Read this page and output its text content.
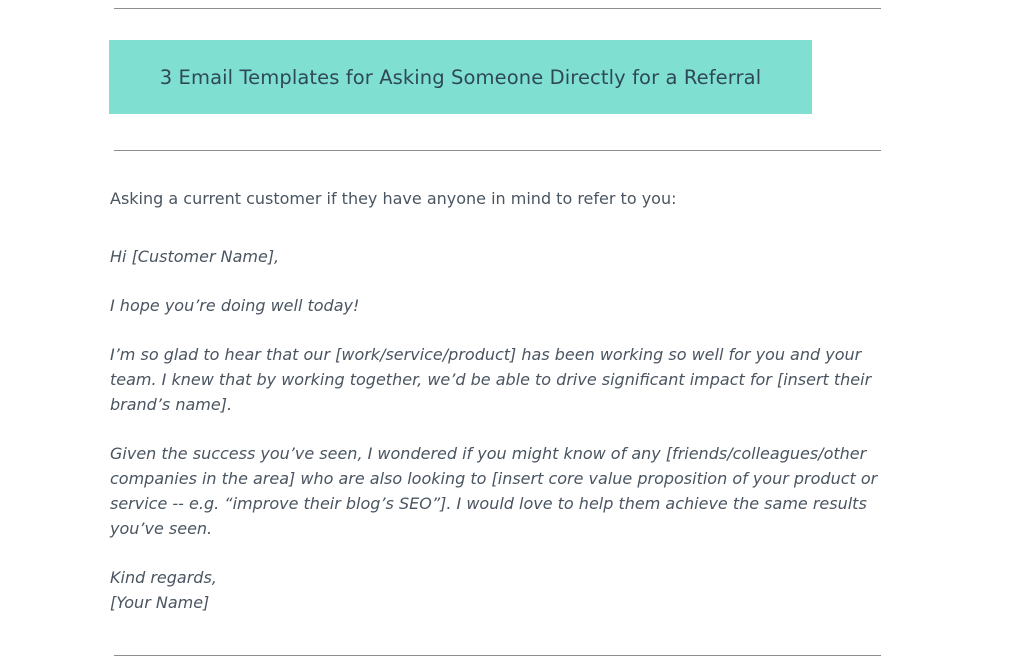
3 Email Templates for Asking Someone Directly for a Referral

Asking a current customer if they have anyone in mind to refer to you:

Hi [Customer Name],

I hope you’re doing well today!

I’m so glad to hear that our [work/service/product] has been working so well for you and your team. I knew that by working together, we’d be able to drive significant impact for [insert their brand’s name].

Given the success you’ve seen, I wondered if you might know of any [friends/colleagues/other companies in the area] who are also looking to [insert core value proposition of your product or service -- e.g. “improve their blog’s SEO”]. I would love to help them achieve the same results you’ve seen.

Kind regards,
[Your Name]
